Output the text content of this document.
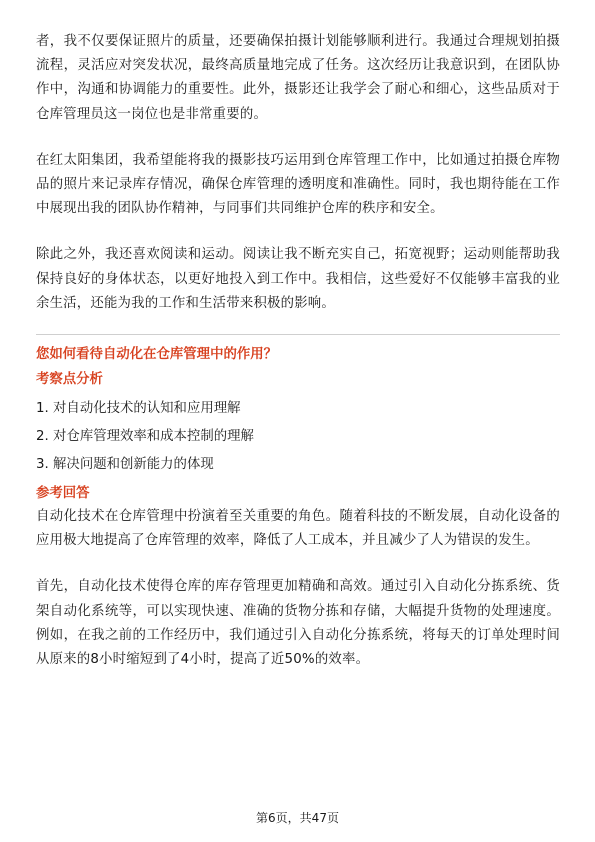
者，我不仅要保证照片的质量，还要确保拍摄计划能够顺利进行。我通过合理规划拍摄流程，灵活应对突发状况，最终高质量地完成了任务。这次经历让我意识到，在团队协作中，沟通和协调能力的重要性。此外，摄影还让我学会了耐心和细心，这些品质对于仓库管理员这一岗位也是非常重要的。

在红太阳集团，我希望能将我的摄影技巧运用到仓库管理工作中，比如通过拍摄仓库物品的照片来记录库存情况，确保仓库管理的透明度和准确性。同时，我也期待能在工作中展现出我的团队协作精神，与同事们共同维护仓库的秩序和安全。

除此之外，我还喜欢阅读和运动。阅读让我不断充实自己，拓宽视野；运动则能帮助我保持良好的身体状态，以更好地投入到工作中。我相信，这些爱好不仅能够丰富我的业余生活，还能为我的工作和生活带来积极的影响。

您如何看待自动化在仓库管理中的作用？

考察点分析

1. 对自动化技术的认知和应用理解
2. 对仓库管理效率和成本控制的理解
3. 解决问题和创新能力的体现

参考回答

自动化技术在仓库管理中扮演着至关重要的角色。随着科技的不断发展，自动化设备的应用极大地提高了仓库管理的效率，降低了人工成本，并且减少了人为错误的发生。

首先，自动化技术使得仓库的库存管理更加精确和高效。通过引入自动化分拣系统、货架自动化系统等，可以实现快速、准确的货物分拣和存储，大幅提升货物的处理速度。例如，在我之前的工作经历中，我们通过引入自动化分拣系统，将每天的订单处理时间从原来的8小时缩短到了4小时，提高了近50%的效率。

第6页，共47页
